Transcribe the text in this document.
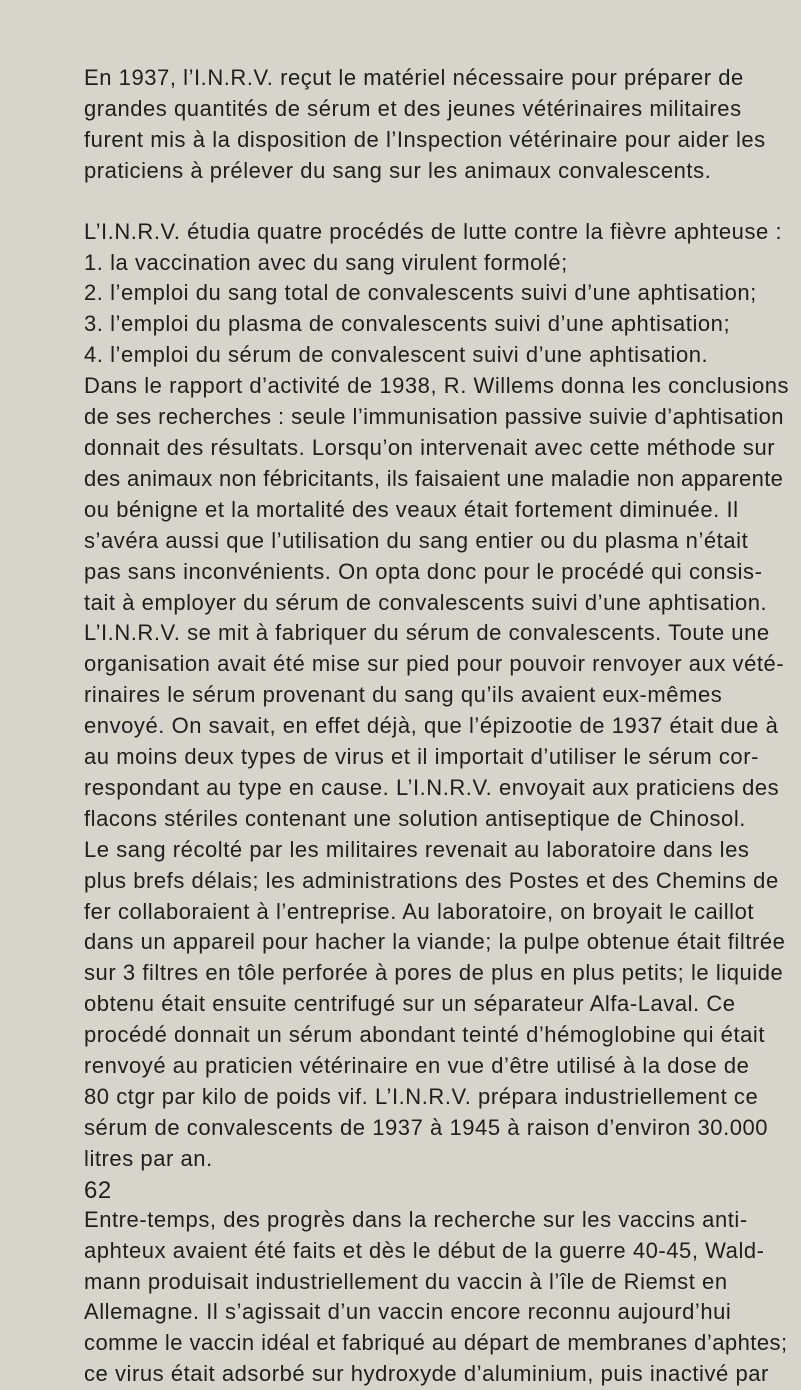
En 1937, l’I.N.R.V. reçut le matériel nécessaire pour préparer de
grandes quantités de sérum et des jeunes vétérinaires militaires
furent mis à la disposition de l’Inspection vétérinaire pour aider les
praticiens à prélever du sang sur les animaux convalescents.

L’I.N.R.V. étudia quatre procédés de lutte contre la fièvre aphteuse :
1. la vaccination avec du sang virulent formolé;
2. l’emploi du sang total de convalescents suivi d’une aphtisation;
3. l’emploi du plasma de convalescents suivi d’une aphtisation;
4. l’emploi du sérum de convalescent suivi d’une aphtisation.
Dans le rapport d’activité de 1938, R. Willems donna les conclusions
de ses recherches : seule l’immunisation passive suivie d’aphtisation
donnait des résultats. Lorsqu’on intervenait avec cette méthode sur
des animaux non fébricitants, ils faisaient une maladie non apparente
ou bénigne et la mortalité des veaux était fortement diminuée. Il
s’avéra aussi que l’utilisation du sang entier ou du plasma n’était
pas sans inconvénients. On opta donc pour le procédé qui consis-
tait à employer du sérum de convalescents suivi d’une aphtisation.
L’I.N.R.V. se mit à fabriquer du sérum de convalescents. Toute une
organisation avait été mise sur pied pour pouvoir renvoyer aux vété-
rinaires le sérum provenant du sang qu’ils avaient eux-mêmes
envoyé. On savait, en effet déjà, que l’épizootie de 1937 était due à
au moins deux types de virus et il importait d’utiliser le sérum cor-
respondant au type en cause. L’I.N.R.V. envoyait aux praticiens des
flacons stériles contenant une solution antiseptique de Chinosol.
Le sang récolté par les militaires revenait au laboratoire dans les
plus brefs délais; les administrations des Postes et des Chemins de
fer collaboraient à l’entreprise. Au laboratoire, on broyait le caillot
dans un appareil pour hacher la viande; la pulpe obtenue était filtrée
sur 3 filtres en tôle perforée à pores de plus en plus petits; le liquide
obtenu était ensuite centrifugé sur un séparateur Alfa-Laval. Ce
procédé donnait un sérum abondant teinté d’hémoglobine qui était
renvoyé au praticien vétérinaire en vue d’être utilisé à la dose de
80 ctgr par kilo de poids vif. L’I.N.R.V. prépara industriellement ce
sérum de convalescents de 1937 à 1945 à raison d’environ 30.000
litres par an.

Entre-temps, des progrès dans la recherche sur les vaccins anti-
aphteux avaient été faits et dès le début de la guerre 40-45, Wald-
mann produisait industriellement du vaccin à l’île de Riemst en
Allemagne. Il s’agissait d’un vaccin encore reconnu aujourd’hui
comme le vaccin idéal et fabriqué au départ de membranes d’aphtes;
ce virus était adsorbé sur hydroxyde d’aluminium, puis inactivé par

62
